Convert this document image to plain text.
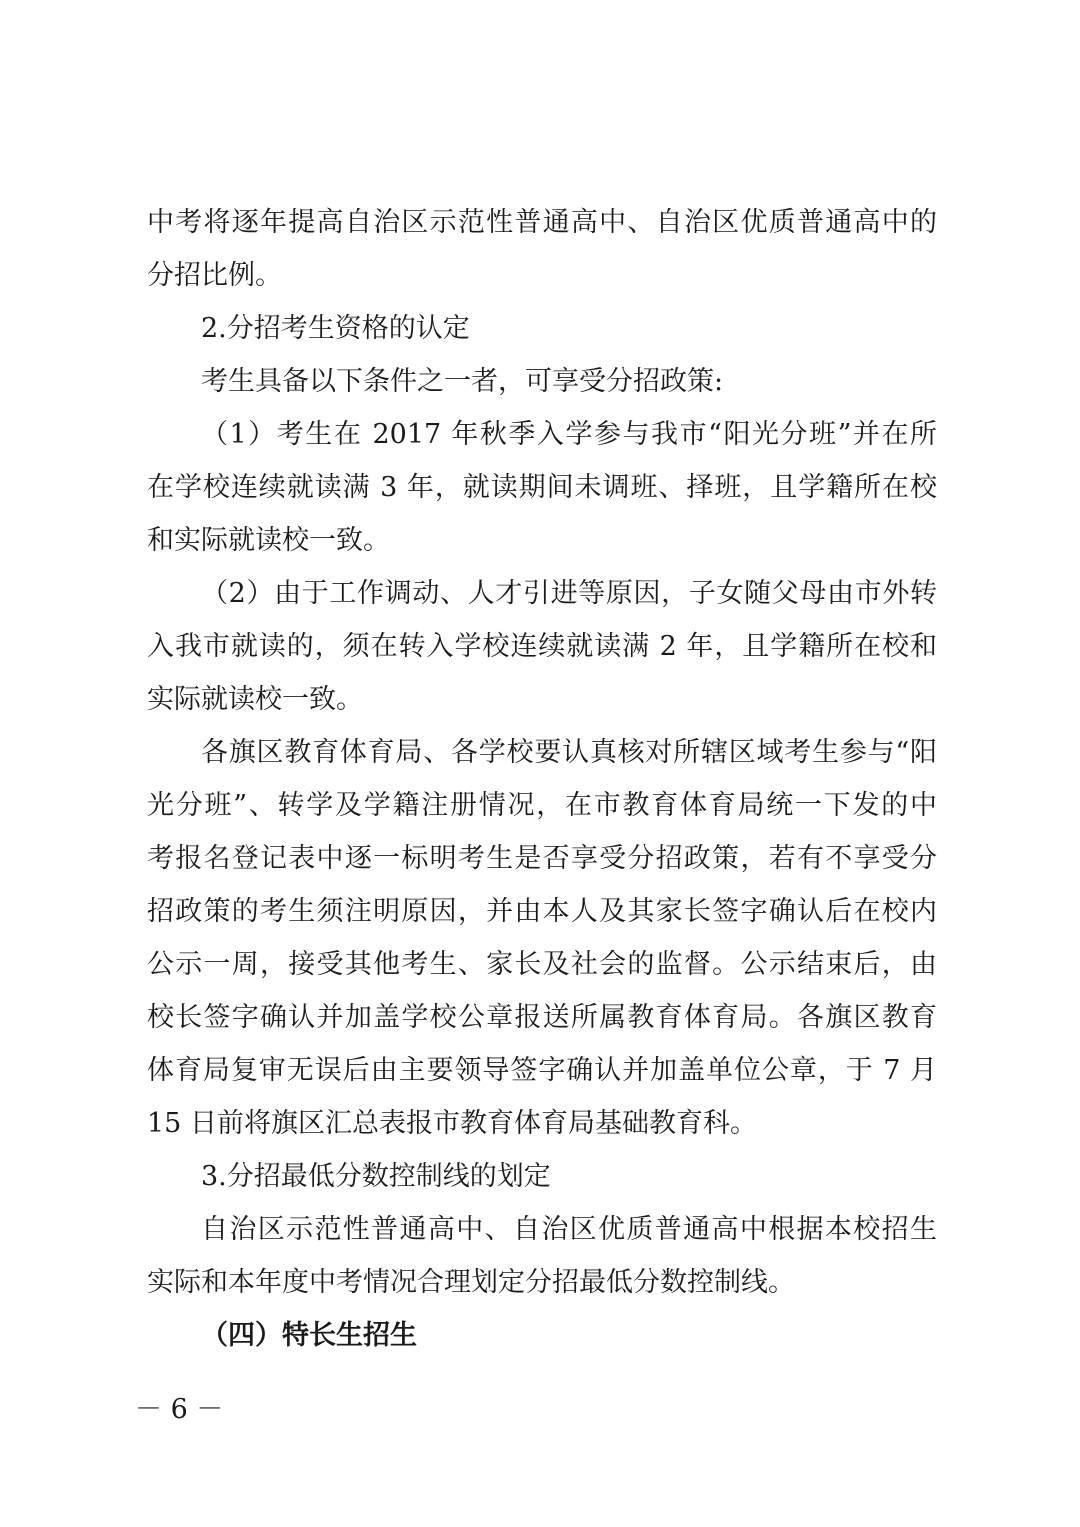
中考将逐年提高自治区示范性普通高中、自治区优质普通高中的
分招比例。
2.分招考生资格的认定
考生具备以下条件之一者，可享受分招政策:
（1）考生在 2017 年秋季入学参与我市“阳光分班”并在所
在学校连续就读满 3 年，就读期间未调班、择班，且学籍所在校
和实际就读校一致。
（2）由于工作调动、人才引进等原因，子女随父母由市外转
入我市就读的，须在转入学校连续就读满 2 年，且学籍所在校和
实际就读校一致。
各旗区教育体育局、各学校要认真核对所辖区域考生参与“阳
光分班”、转学及学籍注册情况，在市教育体育局统一下发的中
考报名登记表中逐一标明考生是否享受分招政策，若有不享受分
招政策的考生须注明原因，并由本人及其家长签字确认后在校内
公示一周，接受其他考生、家长及社会的监督。公示结束后，由
校长签字确认并加盖学校公章报送所属教育体育局。各旗区教育
体育局复审无误后由主要领导签字确认并加盖单位公章，于 7 月
15 日前将旗区汇总表报市教育体育局基础教育科。
3.分招最低分数控制线的划定
自治区示范性普通高中、自治区优质普通高中根据本校招生
实际和本年度中考情况合理划定分招最低分数控制线。
（四）特长生招生
－ 6 －
